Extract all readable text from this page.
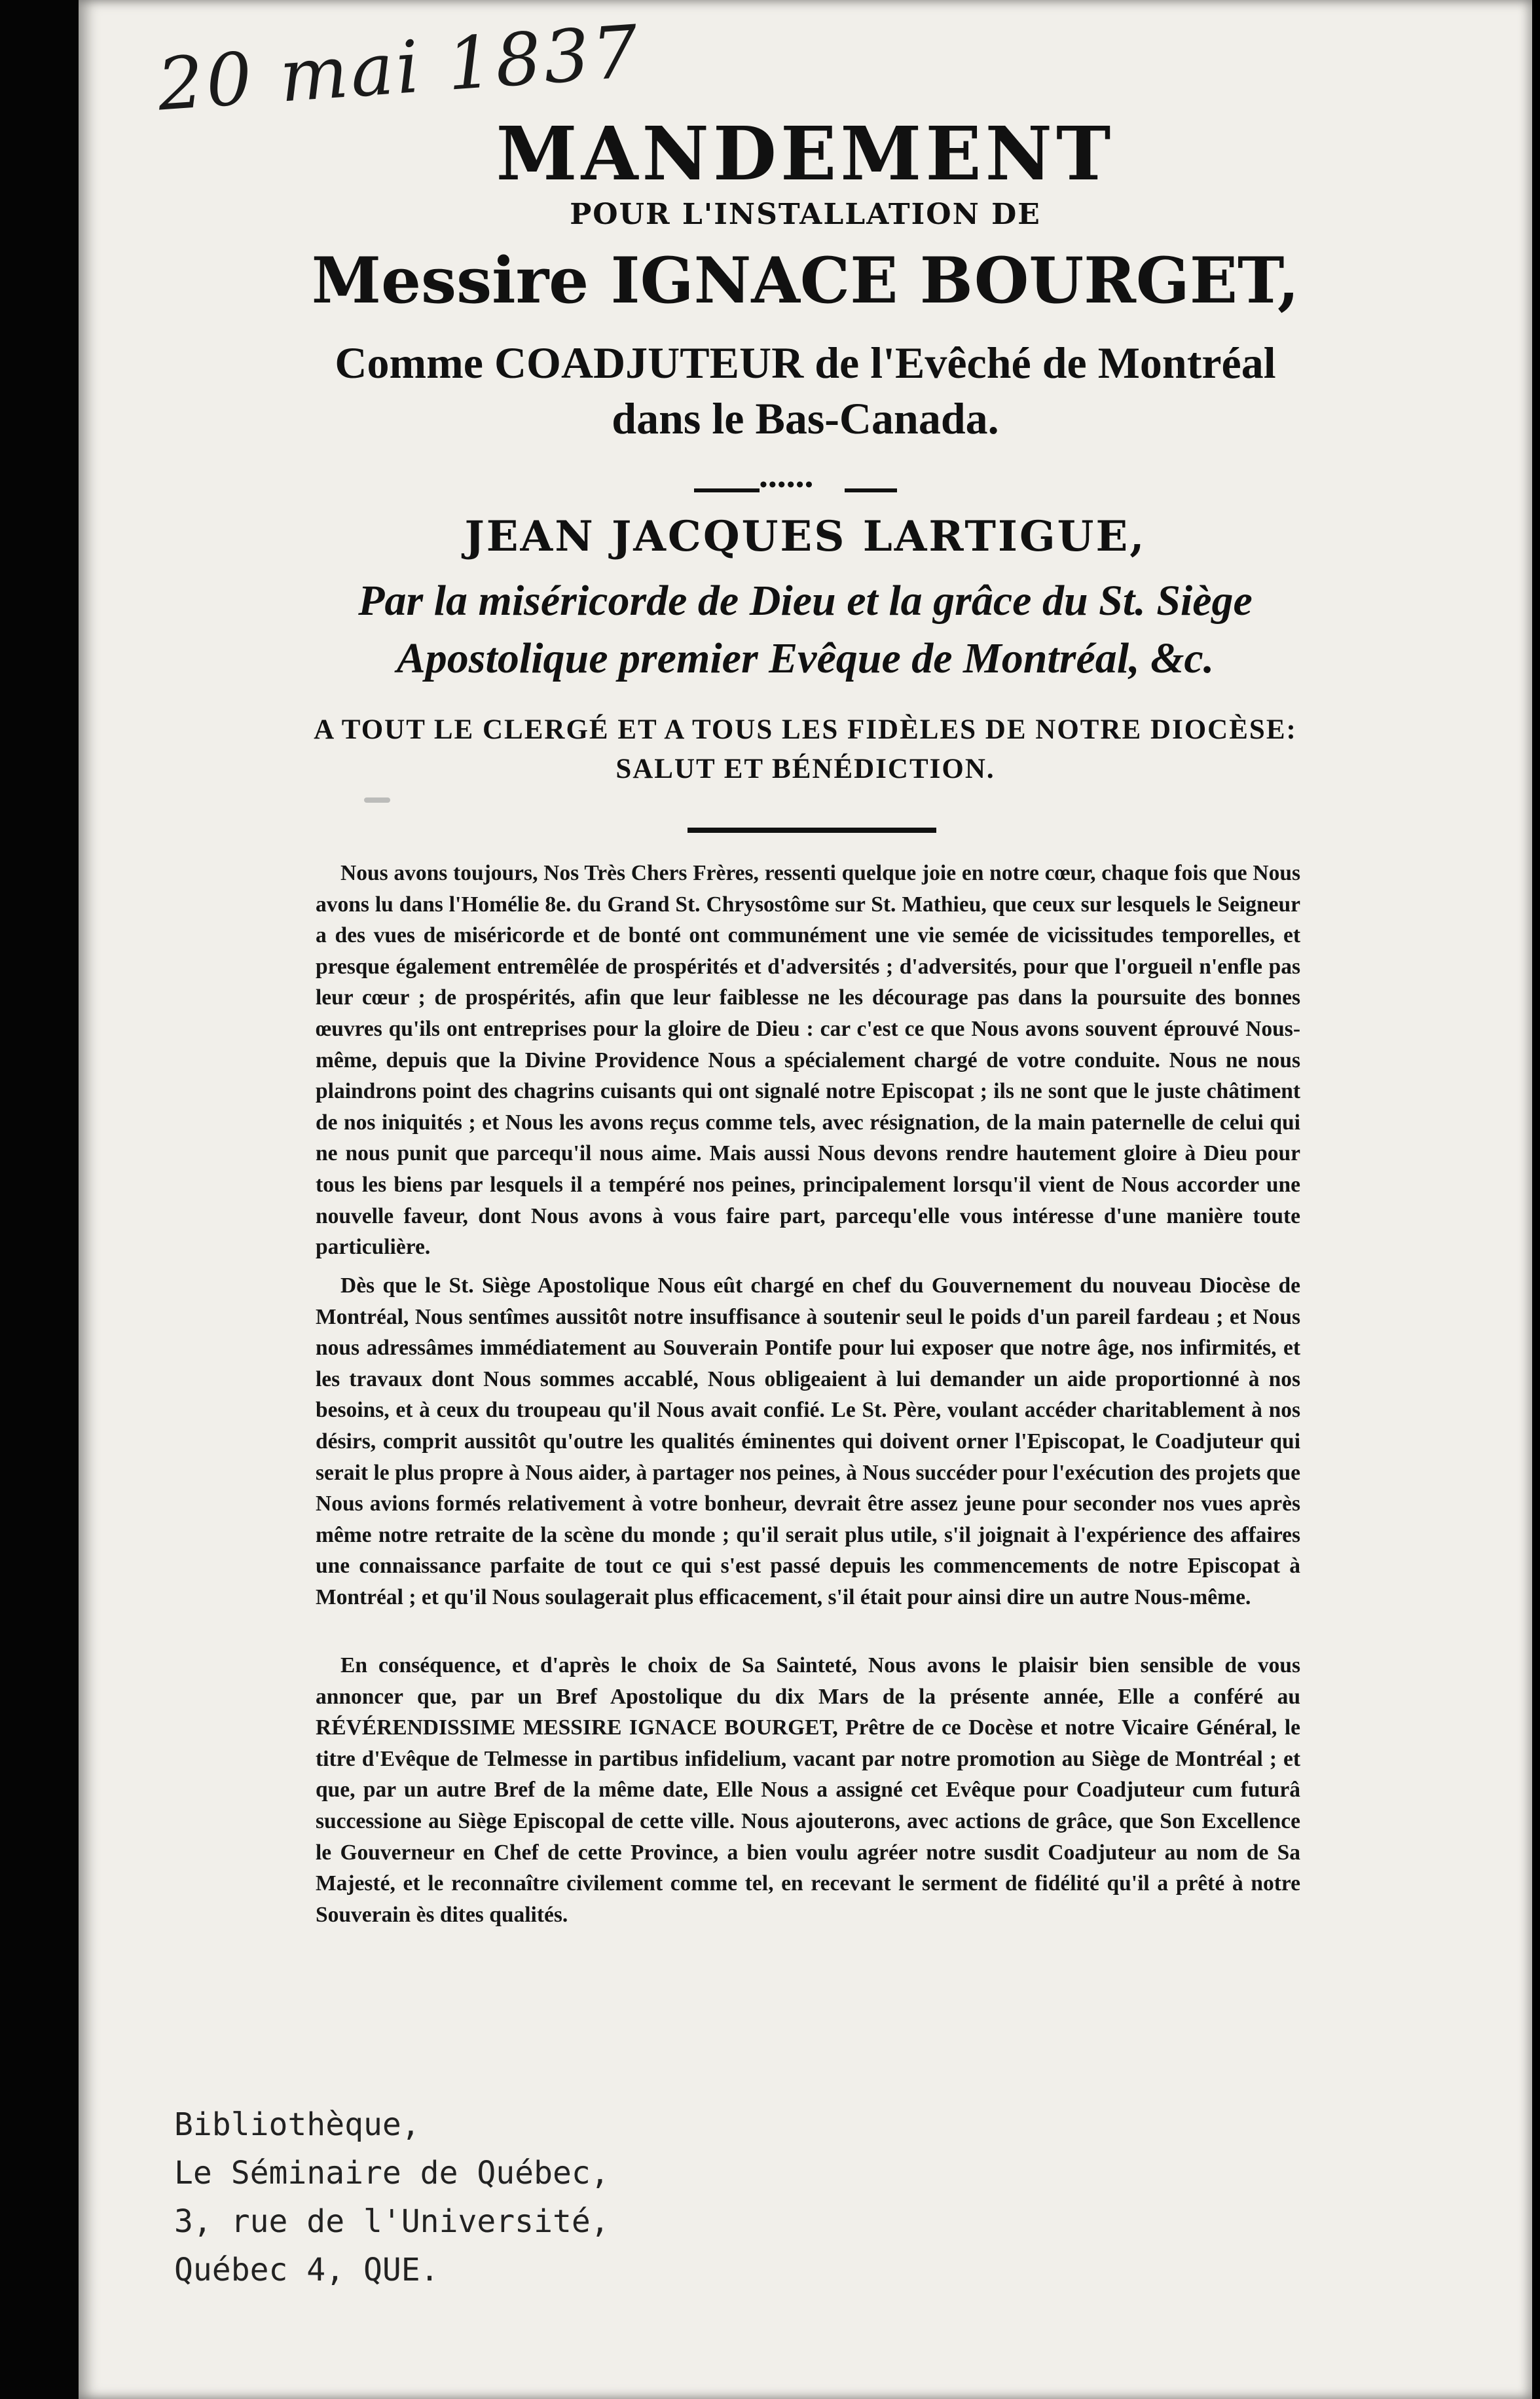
20 mai 1837
MANDEMENT
POUR L'INSTALLATION DE
Messire IGNACE BOURGET,
Comme COADJUTEUR de l'Evêché de Montréal
dans le Bas-Canada.
••••••
JEAN JACQUES LARTIGUE,
Par la miséricorde de Dieu et la grâce du St. Siège
Apostolique premier Evêque de Montréal, &c.
A TOUT LE CLERGÉ ET A TOUS LES FIDÈLES DE NOTRE DIOCÈSE:
SALUT ET BÉNÉDICTION.

Nous avons toujours, Nos Très Chers Frères, ressenti quelque joie en notre cœur, chaque fois que Nous avons lu dans l'Homélie 8e. du Grand St. Chrysostôme sur St. Mathieu, que ceux sur lesquels le Seigneur a des vues de miséricorde et de bonté ont communément une vie semée de vicissitudes temporelles, et presque également entremêlée de prospérités et d'adversités ; d'adversités, pour que l'orgueil n'enfle pas leur cœur ; de prospérités, afin que leur faiblesse ne les décourage pas dans la poursuite des bonnes œuvres qu'ils ont entreprises pour la gloire de Dieu : car c'est ce que Nous avons souvent éprouvé Nous-même, depuis que la Divine Providence Nous a spécialement chargé de votre conduite. Nous ne nous plaindrons point des chagrins cuisants qui ont signalé notre Episcopat ; ils ne sont que le juste châtiment de nos iniquités ; et Nous les avons reçus comme tels, avec résignation, de la main paternelle de celui qui ne nous punit que parcequ'il nous aime. Mais aussi Nous devons rendre hautement gloire à Dieu pour tous les biens par lesquels il a tempéré nos peines, principalement lorsqu'il vient de Nous accorder une nouvelle faveur, dont Nous avons à vous faire part, parcequ'elle vous intéresse d'une manière toute particulière.

Dès que le St. Siège Apostolique Nous eût chargé en chef du Gouvernement du nouveau Diocèse de Montréal, Nous sentîmes aussitôt notre insuffisance à soutenir seul le poids d'un pareil fardeau ; et Nous nous adressâmes immédiatement au Souverain Pontife pour lui exposer que notre âge, nos infirmités, et les travaux dont Nous sommes accablé, Nous obligeaient à lui demander un aide proportionné à nos besoins, et à ceux du troupeau qu'il Nous avait confié. Le St. Père, voulant accéder charitablement à nos désirs, comprit aussitôt qu'outre les qualités éminentes qui doivent orner l'Episcopat, le Coadjuteur qui serait le plus propre à Nous aider, à partager nos peines, à Nous succéder pour l'exécution des projets que Nous avions formés relativement à votre bonheur, devrait être assez jeune pour seconder nos vues après même notre retraite de la scène du monde ; qu'il serait plus utile, s'il joignait à l'expérience des affaires une connaissance parfaite de tout ce qui s'est passé depuis les commencements de notre Episcopat à Montréal ; et qu'il Nous soulagerait plus efficacement, s'il était pour ainsi dire un autre Nous-même.

En conséquence, et d'après le choix de Sa Sainteté, Nous avons le plaisir bien sensible de vous annoncer que, par un Bref Apostolique du dix Mars de la présente année, Elle a conféré au RÉVÉRENDISSIME MESSIRE IGNACE BOURGET, Prêtre de ce Docèse et notre Vicaire Général, le titre d'Evêque de Telmesse in partibus infidelium, vacant par notre promotion au Siège de Montréal ; et que, par un autre Bref de la même date, Elle Nous a assigné cet Evêque pour Coadjuteur cum futurâ successione au Siège Episcopal de cette ville. Nous ajouterons, avec actions de grâce, que Son Excellence le Gouverneur en Chef de cette Province, a bien voulu agréer notre susdit Coadjuteur au nom de Sa Majesté, et le reconnaître civilement comme tel, en recevant le serment de fidélité qu'il a prêté à notre Souverain ès dites qualités.

Bibliothèque,
Le Séminaire de Québec,
3, rue de l'Université,
Québec 4, QUE.
